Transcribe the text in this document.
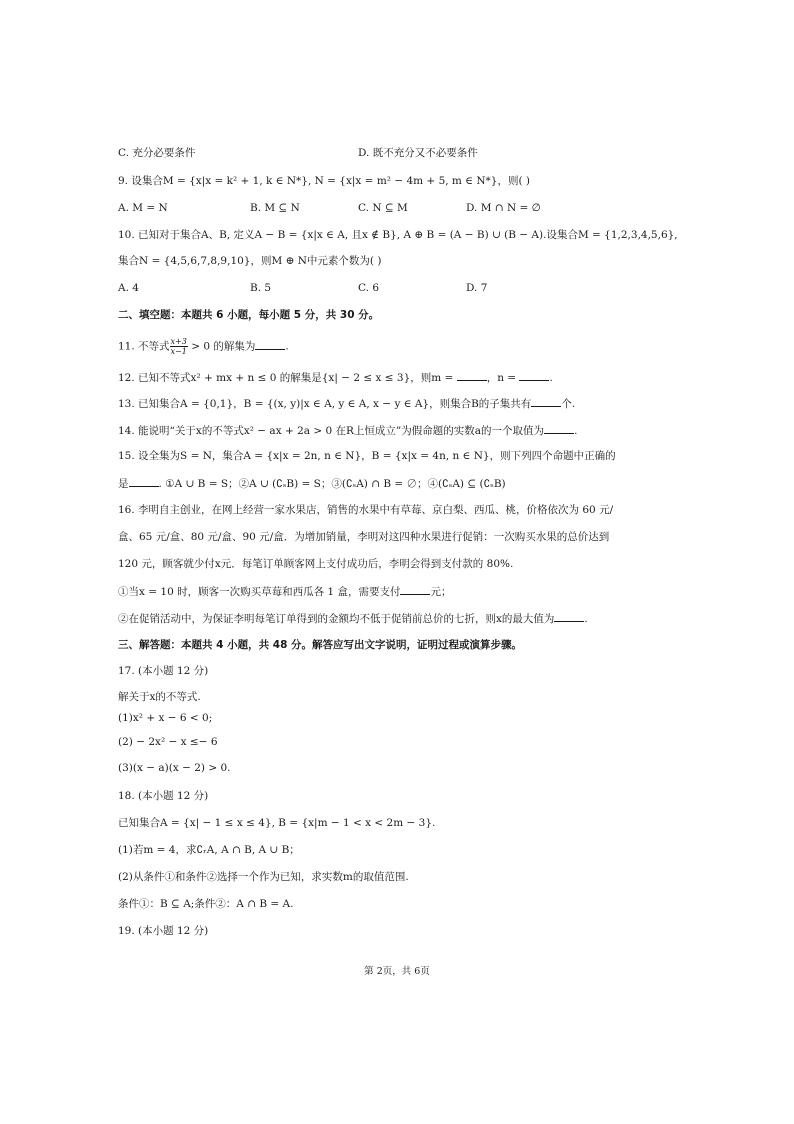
C. 充分必要条件	D. 既不充分又不必要条件
9. 设集合M = {x|x = k² + 1, k ∈ N*}, N = {x|x = m² − 4m + 5, m ∈ N*}，则( )
A. M = N	B. M ⊆ N	C. N ⊆ M	D. M ∩ N = ∅
10. 已知对于集合A、B, 定义A − B = {x|x ∈ A, 且x ∉ B}, A ⊕ B = (A − B) ∪ (B − A).设集合M = {1,2,3,4,5,6},
集合N = {4,5,6,7,8,9,10}，则M ⊕ N中元素个数为( )
A. 4	B. 5	C. 6	D. 7
二、填空题：本题共 6 小题，每小题 5 分，共 30 分。
11. 不等式 $\frac{x+3}{x-1} > 0$ 的解集为	.
12. 已知不等式x² + mx + n ≤ 0 的解集是{x| − 2 ≤ x ≤ 3}，则m =	，n =	.
13. 已知集合A = {0,1}，B = {(x, y)|x ∈ A, y ∈ A, x − y ∈ A}，则集合B的子集共有	个.
14. 能说明“关于x的不等式x² − ax + 2a > 0 在R上恒成立”为假命题的实数a的一个取值为	.
15. 设全集为S = N，集合A = {x|x = 2n, n ∈ N}，B = {x|x = 4n, n ∈ N}，则下列四个命题中正确的
是	. ①A ∪ B = S；②A ∪ (∁ₛB) = S；③(∁ₛA) ∩ B = ∅；④(∁ₛA) ⊆ (∁ₛB)
16. 李明自主创业，在网上经营一家水果店，销售的水果中有草莓、京白梨、西瓜、桃，价格依次为 60 元/
盒、65 元/盒、80 元/盒、90 元/盒．为增加销量，李明对这四种水果进行促销：一次购买水果的总价达到
120 元，顾客就少付x元．每笔订单顾客网上支付成功后，李明会得到支付款的 80%.
①当x = 10 时，顾客一次购买草莓和西瓜各 1 盒，需要支付	元；
②在促销活动中，为保证李明每笔订单得到的金额均不低于促销前总价的七折，则x的最大值为	.
三、解答题：本题共 4 小题，共 48 分。解答应写出文字说明，证明过程或演算步骤。
17. (本小题 12 分)
解关于x的不等式.
(1)x² + x − 6 < 0;
(2) − 2x² − x ≤− 6
(3)(x − a)(x − 2) > 0.
18. (本小题 12 分)
已知集合A = {x| − 1 ≤ x ≤ 4}, B = {x|m − 1 < x < 2m − 3}.
(1)若m = 4，求∁ᵣA, A ∩ B, A ∪ B；
(2)从条件①和条件②选择一个作为已知，求实数m的取值范围.
条件①：B ⊆ A;条件②：A ∩ B = A.
19. (本小题 12 分)
第 2页，共 6页
